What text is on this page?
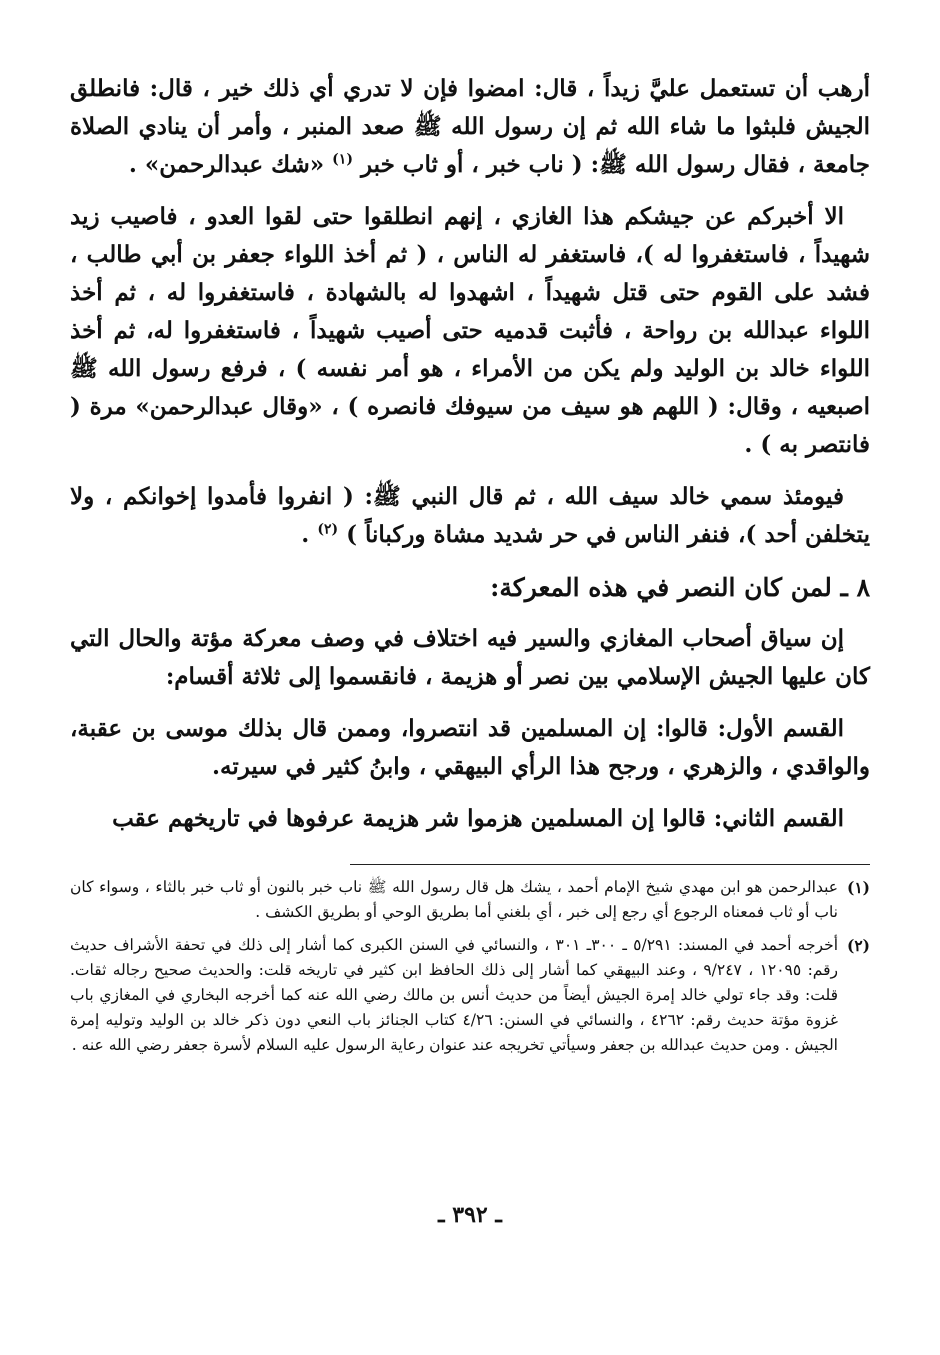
أرهب أن تستعمل عليَّ زيداً ، قال: امضوا فإن لا تدري أي ذلك خير ، قال: فانطلق الجيش فلبثوا ما شاء الله ثم إن رسول الله ﷺ صعد المنبر ، وأمر أن ينادي الصلاة جامعة ، فقال رسول الله ﷺ: ( ناب خبر ، أو ثاب خبر $^{(١)}$ «شك عبدالرحمن» .

الا أخبركم عن جيشكم هذا الغازي ، إنهم انطلقوا حتى لقوا العدو ، فاصيب زيد شهيداً ، فاستغفروا له )، فاستغفر له الناس ، ( ثم أخذ اللواء جعفر بن أبي طالب ، فشد على القوم حتى قتل شهيداً ، اشهدوا له بالشهادة ، فاستغفروا له ، ثم أخذ اللواء عبدالله بن رواحة ، فأثبت قدميه حتى أصيب شهيداً ، فاستغفروا له، ثم أخذ اللواء خالد بن الوليد ولم يكن من الأمراء ، هو أمر نفسه ) ، فرفع رسول الله ﷺ اصبعيه ، وقال: ( اللهم هو سيف من سيوفك فانصره ) ، «وقال عبدالرحمن» مرة ( فانتصر به ) .

فيومئذ سمي خالد سيف الله ، ثم قال النبي ﷺ: ( انفروا فأمدوا إخوانكم ، ولا يتخلفن أحد )، فنفر الناس في حر شديد مشاة وركباناً ) $^{(٢)}$ .

٨ ـ لمن كان النصر في هذه المعركة:

إن سياق أصحاب المغازي والسير فيه اختلاف في وصف معركة مؤتة والحال التي كان عليها الجيش الإسلامي بين نصر أو هزيمة ، فانقسموا إلى ثلاثة أقسام:

القسم الأول: قالوا: إن المسلمين قد انتصروا، وممن قال بذلك موسى بن عقبة، والواقدي ، والزهري ، ورجح هذا الرأي البيهقي ، وابنُ كثير في سيرته.

القسم الثاني: قالوا إن المسلمين هزموا شر هزيمة عرفوها في تاريخهم عقب

(١)
عبدالرحمن هو ابن مهدي شيخ الإمام أحمد ، يشك هل قال رسول الله ﷺ ناب خبر بالنون أو ثاب خبر بالثاء ، وسواء كان ناب أو ثاب فمعناه الرجوع أي رجع إلى خبر ، أي بلغني أما بطريق الوحي أو بطريق الكشف .
(٢)
أخرجه أحمد في المسند: ٥/٢٩١ ـ ٣٠٠ـ ٣٠١ ، والنسائي في السنن الكبرى كما أشار إلى ذلك في تحفة الأشراف حديث رقم: ١٢٠٩٥ ، ٩/٢٤٧ ، وعند البيهقي كما أشار إلى ذلك الحافظ ابن كثير في تاريخه قلت: والحديث صحيح رجاله ثقات. قلت: وقد جاء تولي خالد إمرة الجيش أيضاً من حديث أنس بن مالك رضي الله عنه كما أخرجه البخاري في المغازي باب غزوة مؤتة حديث رقم: ٤٢٦٢ ، والنسائي في السنن: ٤/٢٦ كتاب الجنائز باب النعي دون ذكر خالد بن الوليد وتوليه إمرة الجيش . ومن حديث عبدالله بن جعفر وسيأتي تخريجه عند عنوان رعاية الرسول عليه السلام لأسرة جعفر رضي الله عنه .
ـ ٣٩٢ ـ
